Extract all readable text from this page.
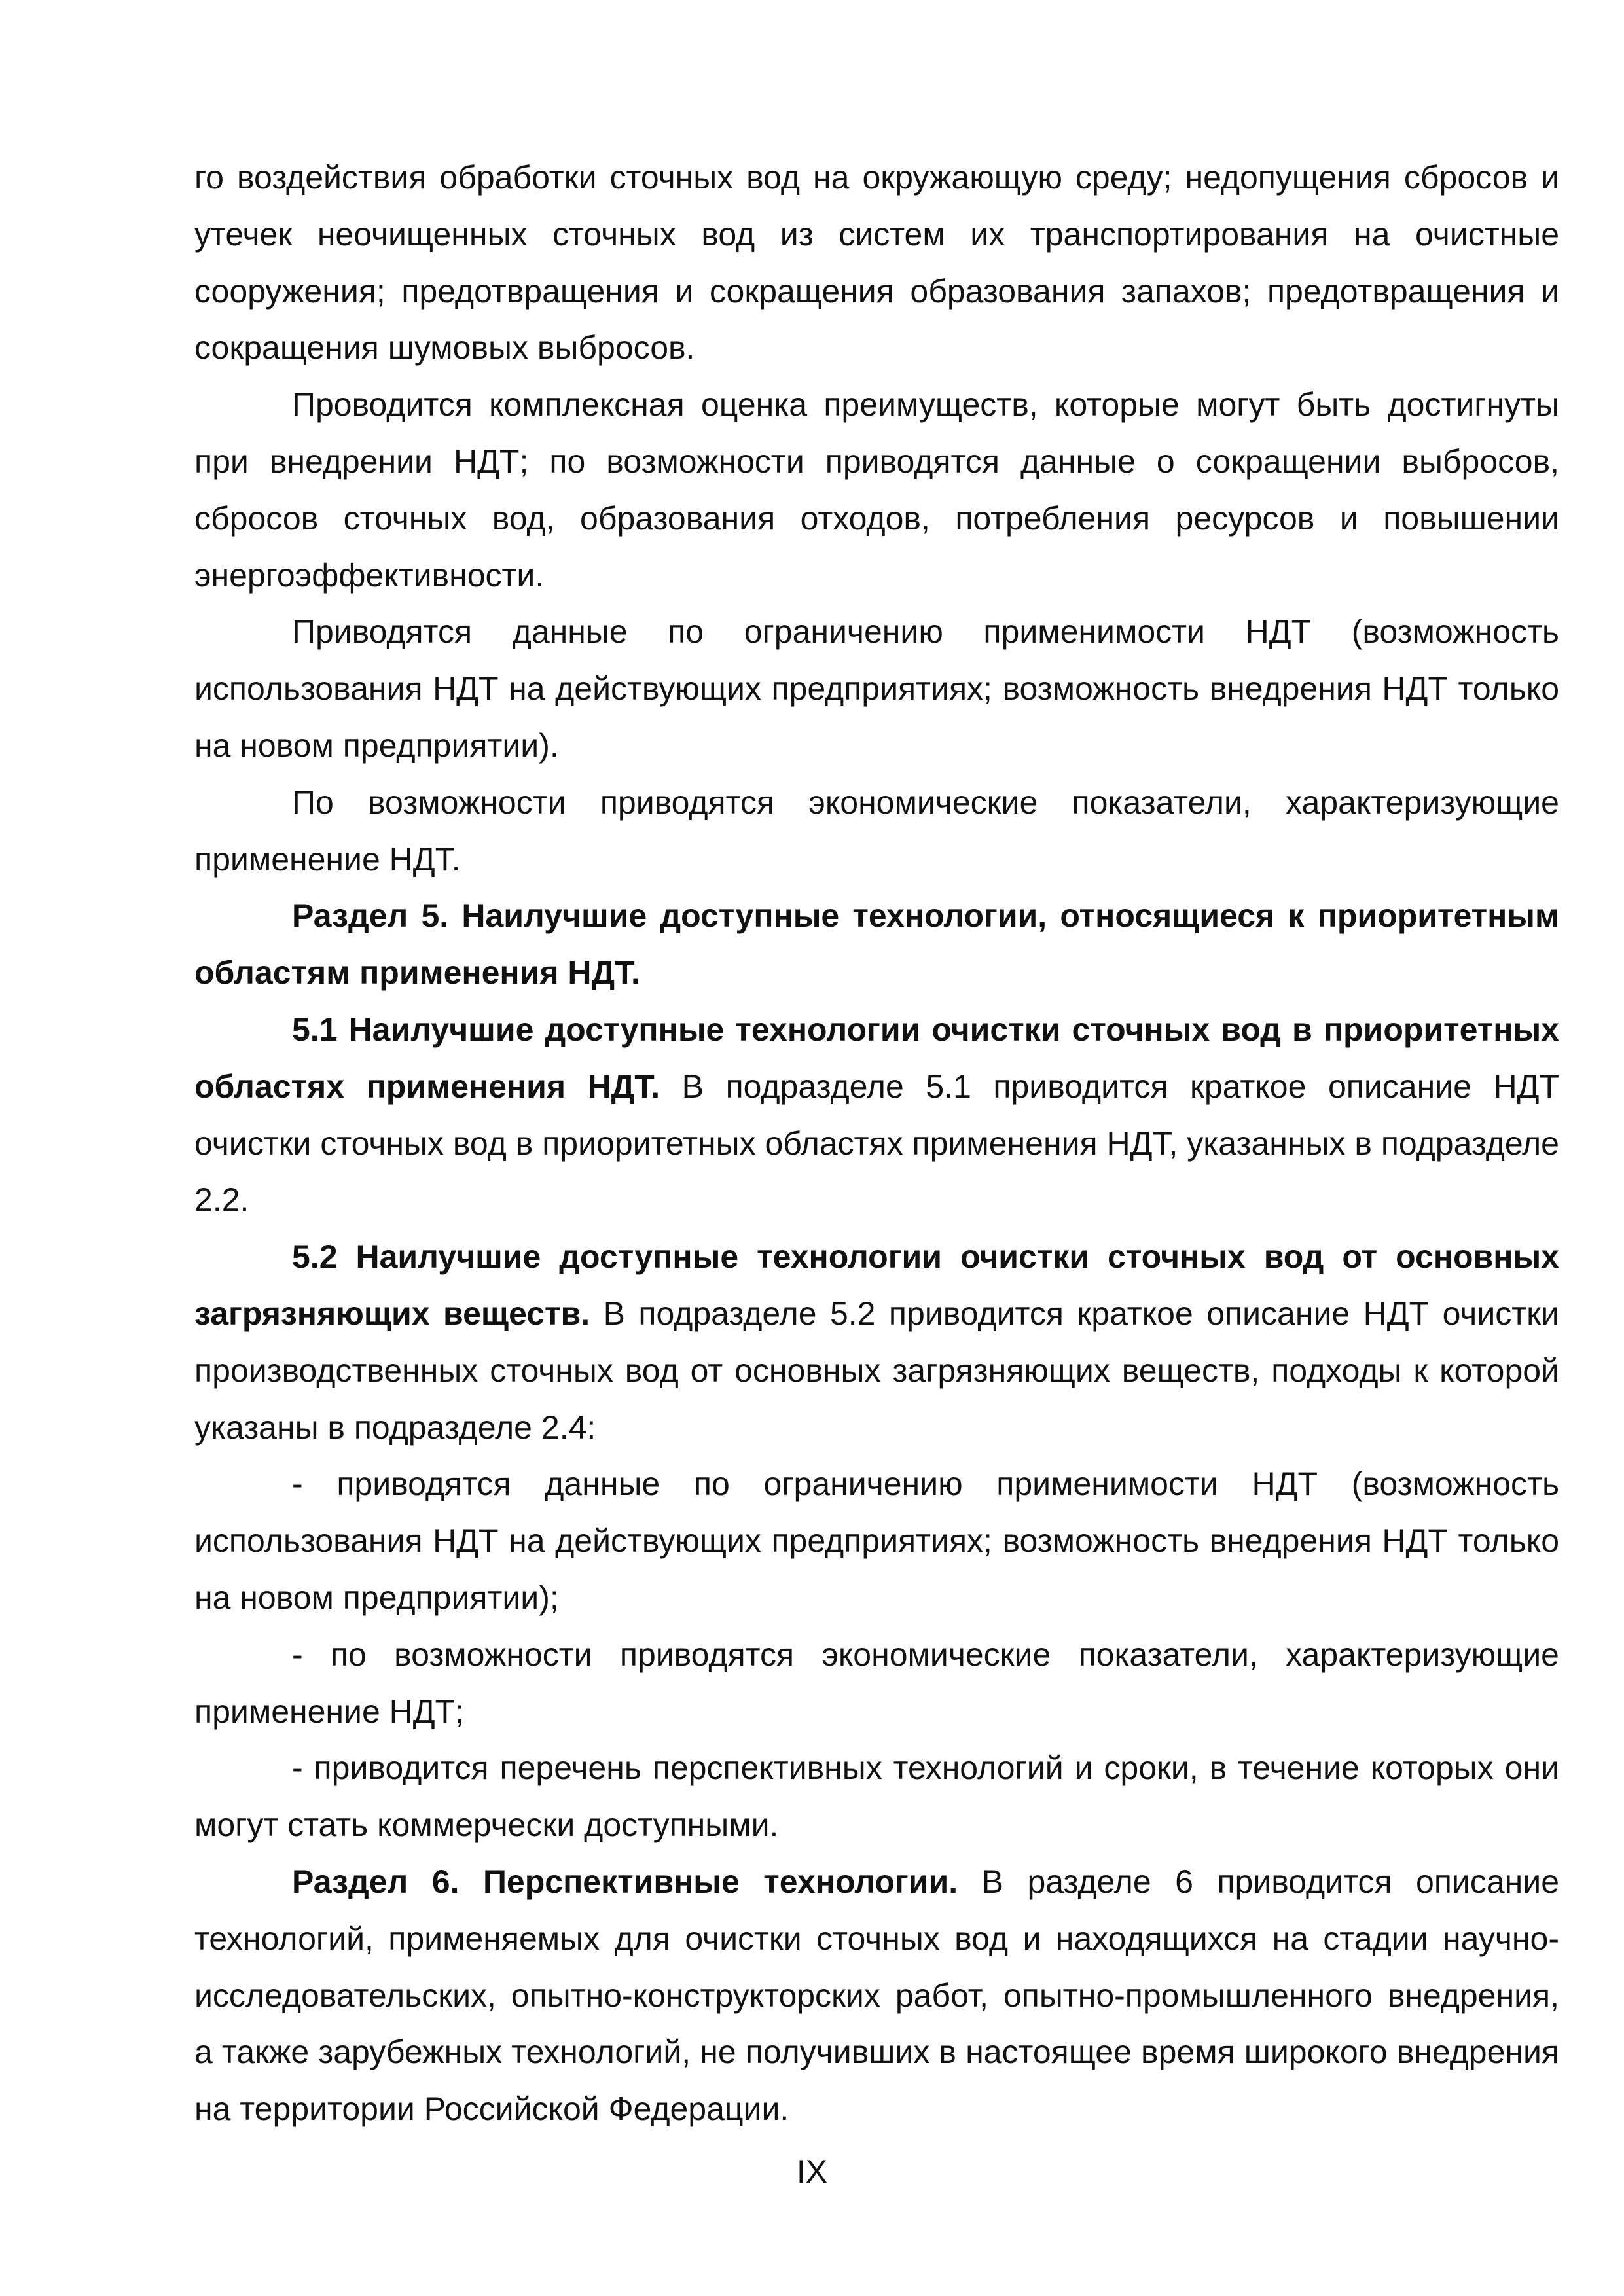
го воздействия обработки сточных вод на окружающую среду; недопущения сбросов и утечек неочищенных сточных вод из систем их транспортирования на очистные сооружения; предотвращения и сокращения образования запахов; предотвращения и сокращения шумовых выбросов.

Проводится комплексная оценка преимуществ, которые могут быть достигнуты при внедрении НДТ; по возможности приводятся данные о сокращении выбросов, сбросов сточных вод, образования отходов, потребления ресурсов и повышении энергоэффективности.

Приводятся данные по ограничению применимости НДТ (возможность использования НДТ на действующих предприятиях; возможность внедрения НДТ только на новом предприятии).

По возможности приводятся экономические показатели, характеризующие применение НДТ.

Раздел 5. Наилучшие доступные технологии, относящиеся к приоритетным областям применения НДТ.

5.1 Наилучшие доступные технологии очистки сточных вод в приоритетных областях применения НДТ. В подразделе 5.1 приводится краткое описание НДТ очистки сточных вод в приоритетных областях применения НДТ, указанных в подразделе 2.2.

5.2 Наилучшие доступные технологии очистки сточных вод от основных загрязняющих веществ. В подразделе 5.2 приводится краткое описание НДТ очистки производственных сточных вод от основных загрязняющих веществ, подходы к которой указаны в подразделе 2.4:

- приводятся данные по ограничению применимости НДТ (возможность использования НДТ на действующих предприятиях; возможность внедрения НДТ только на новом предприятии);

- по возможности приводятся экономические показатели, характеризующие применение НДТ;

- приводится перечень перспективных технологий и сроки, в течение которых они могут стать коммерчески доступными.

Раздел 6. Перспективные технологии. В разделе 6 приводится описание технологий, применяемых для очистки сточных вод и находящихся на стадии научно-исследовательских, опытно-конструкторских работ, опытно-промышленного внедрения, а также зарубежных технологий, не получивших в настоящее время широкого внедрения на территории Российской Федерации.

IX
